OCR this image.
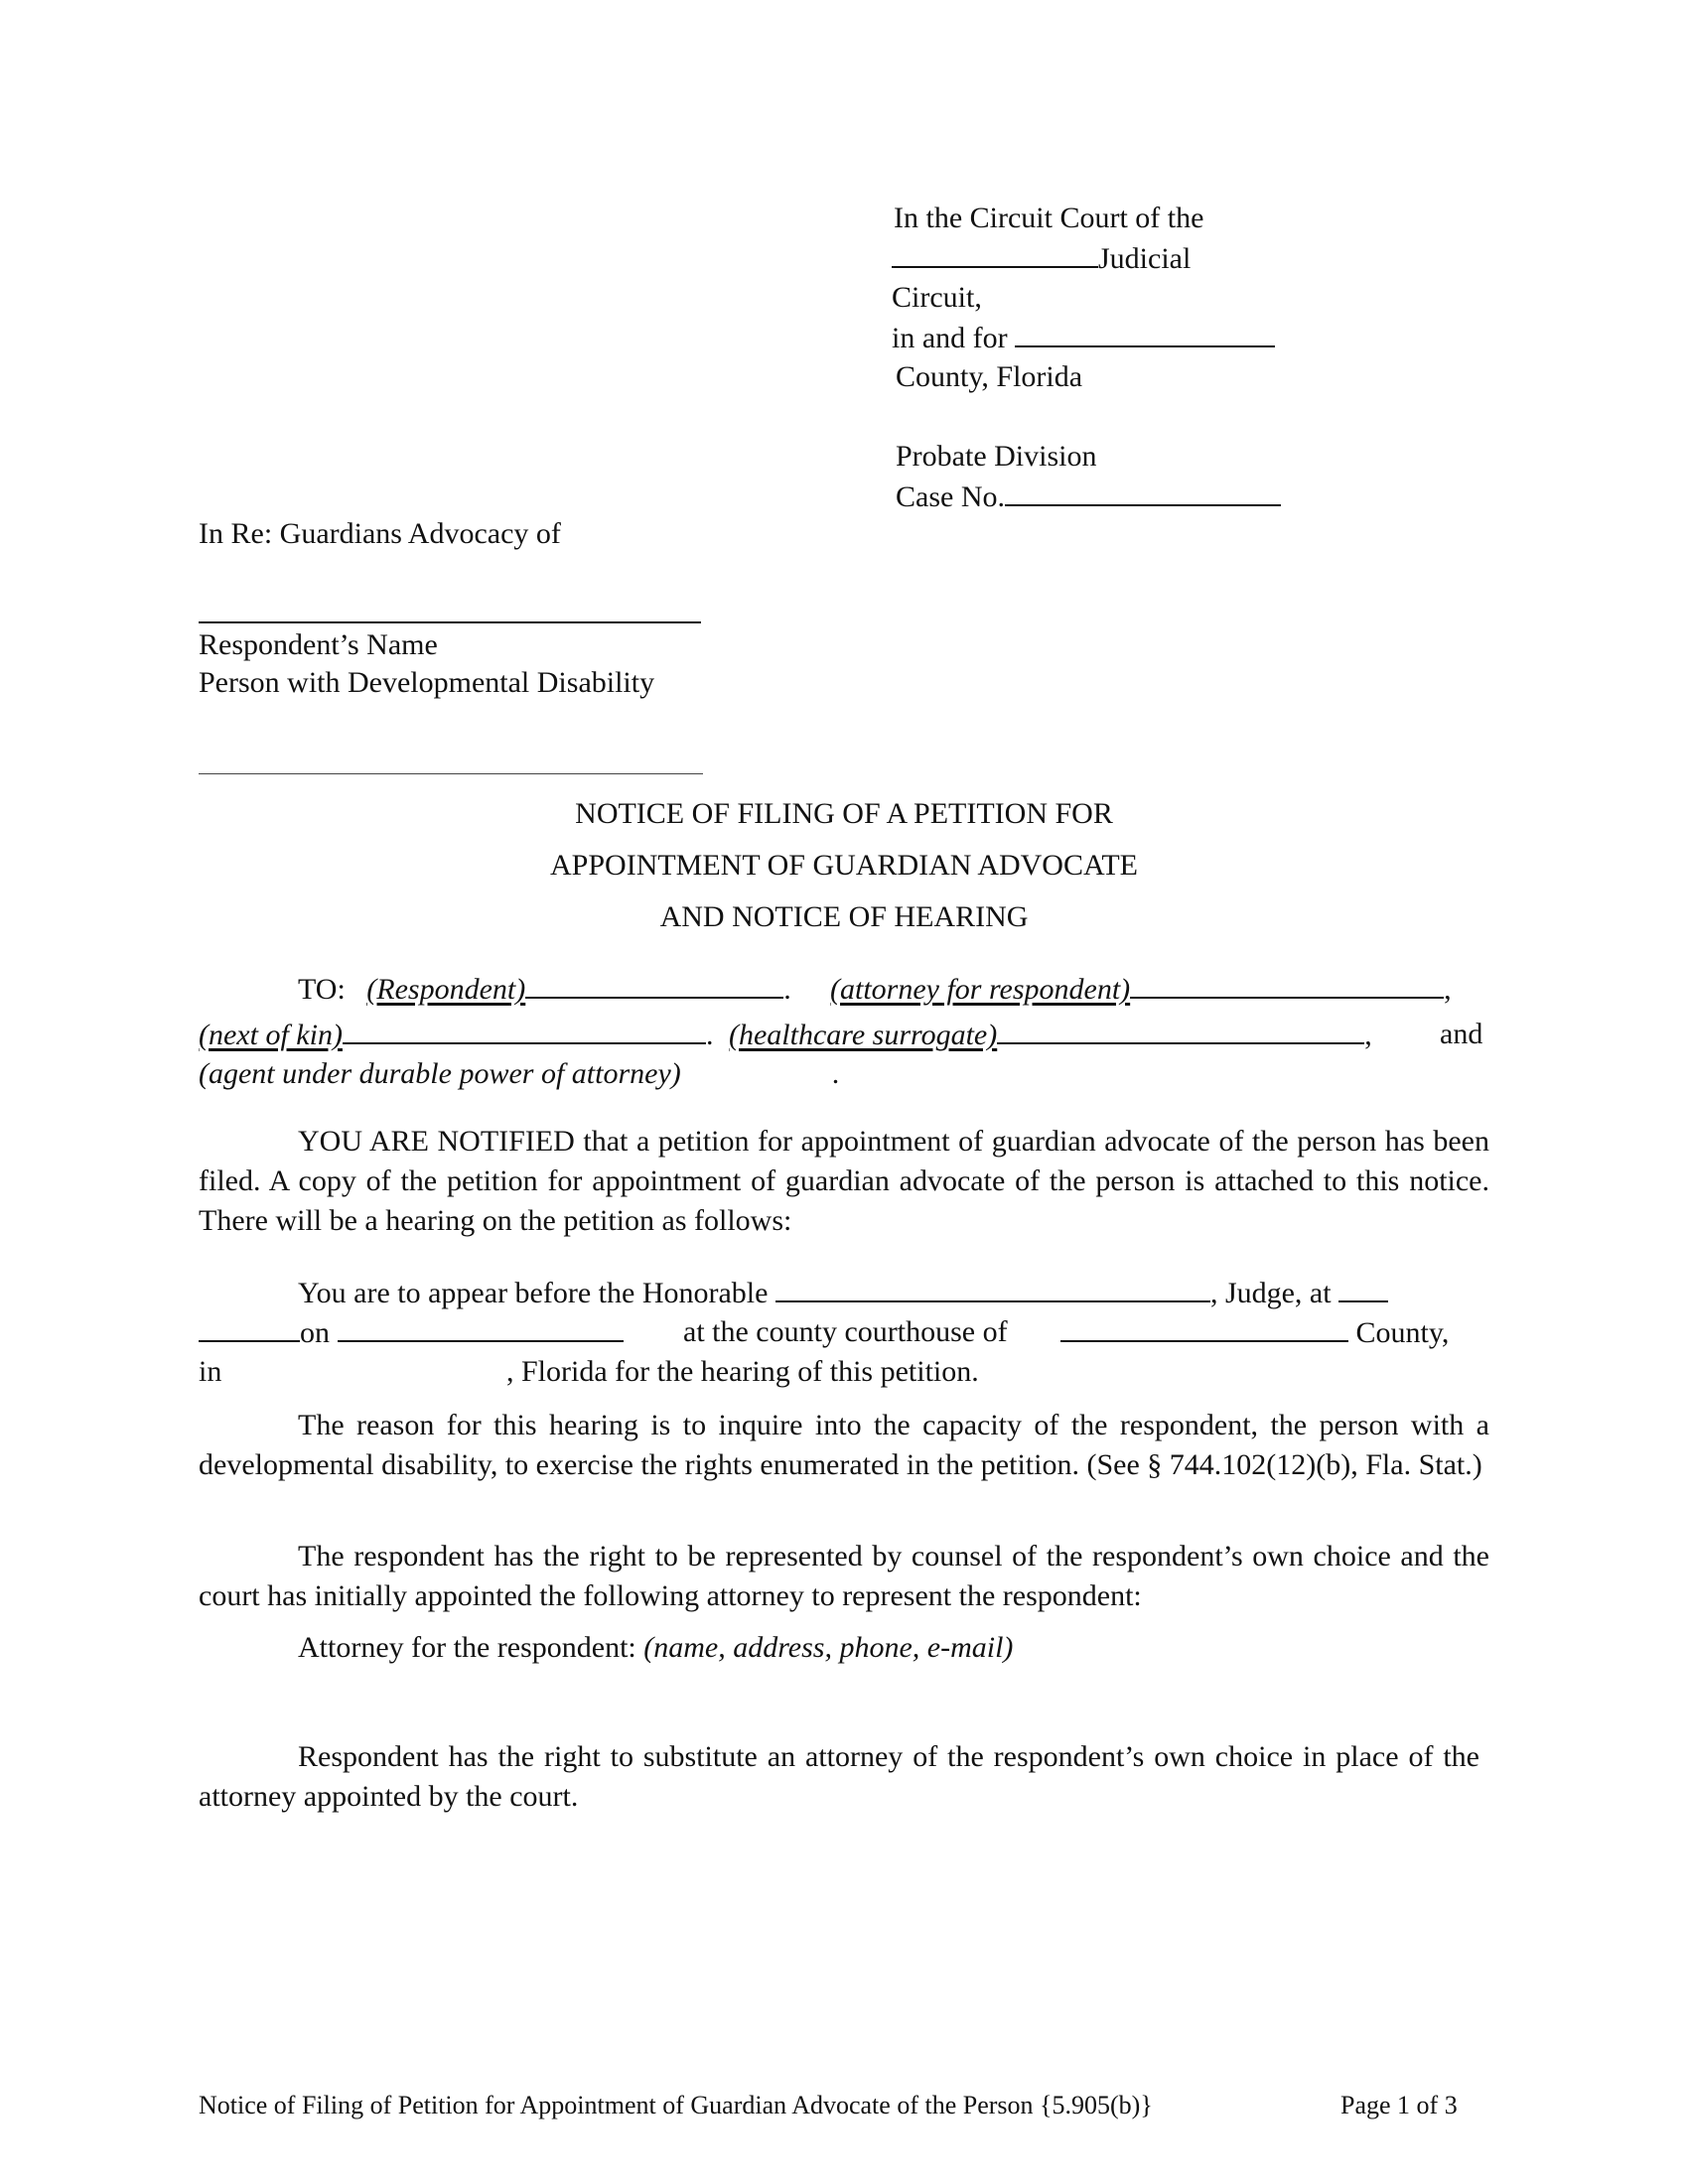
In the Circuit Court of the
Judicial
Circuit,
in and for
County, Florida
Probate Division
Case No.
In Re: Guardians Advocacy of
Respondent’s Name
Person with Developmental Disability
NOTICE OF FILING OF A PETITION FOR
APPOINTMENT OF GUARDIAN ADVOCATE
AND NOTICE OF HEARING
TO: (Respondent)	. (attorney for respondent)	,
(next of kin)	. (healthcare surrogate)	, and
(agent under durable power of attorney)	.
YOU ARE NOTIFIED that a petition for appointment of guardian advocate of the person has been filed. A copy of the petition for appointment of guardian advocate of the person is attached to this notice. There will be a hearing on the petition as follows:
You are to appear before the Honorable	, Judge, at
on	at the county courthouse of	County,
in	, Florida for the hearing of this petition.
The reason for this hearing is to inquire into the capacity of the respondent, the person with a developmental disability, to exercise the rights enumerated in the petition. (See § 744.102(12)(b), Fla. Stat.)
The respondent has the right to be represented by counsel of the respondent’s own choice and the court has initially appointed the following attorney to represent the respondent:
Attorney for the respondent: (name, address, phone, e-mail)
Respondent has the right to substitute an attorney of the respondent’s own choice in place of the attorney appointed by the court.
Notice of Filing of Petition for Appointment of Guardian Advocate of the Person {5.905(b)}	Page 1 of 3
